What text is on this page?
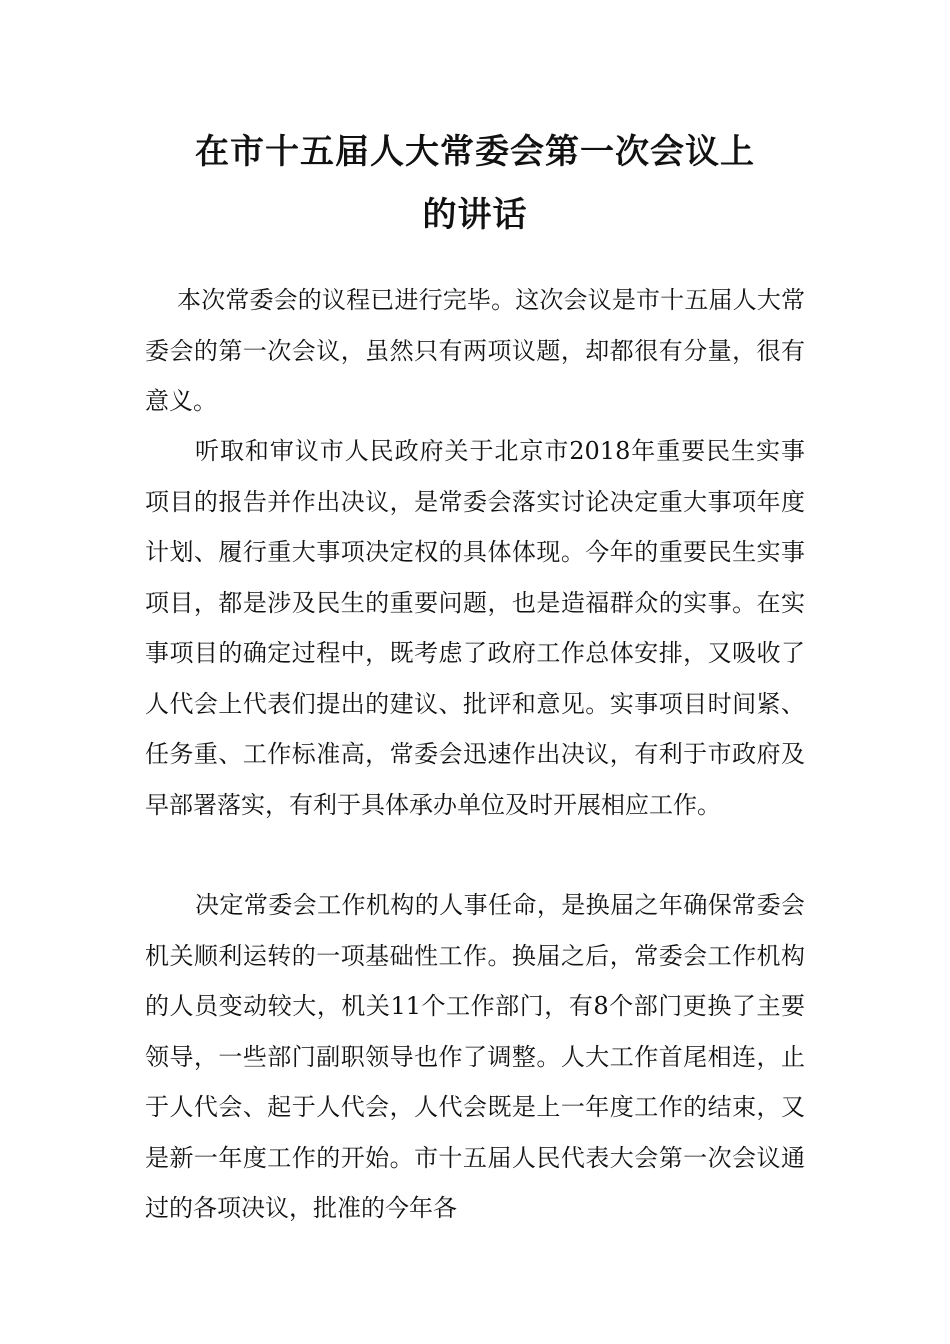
在市十五届人大常委会第一次会议上
的讲话

本次常委会的议程已进行完毕。这次会议是市十五届人大常委会的第一次会议，虽然只有两项议题，却都很有分量，很有意义。

听取和审议市人民政府关于北京市2018年重要民生实事项目的报告并作出决议，是常委会落实讨论决定重大事项年度计划、履行重大事项决定权的具体体现。今年的重要民生实事项目，都是涉及民生的重要问题，也是造福群众的实事。在实事项目的确定过程中，既考虑了政府工作总体安排，又吸收了人代会上代表们提出的建议、批评和意见。实事项目时间紧、任务重、工作标准高，常委会迅速作出决议，有利于市政府及早部署落实，有利于具体承办单位及时开展相应工作。

决定常委会工作机构的人事任命，是换届之年确保常委会机关顺利运转的一项基础性工作。换届之后，常委会工作机构的人员变动较大，机关11个工作部门，有8个部门更换了主要领导，一些部门副职领导也作了调整。人大工作首尾相连，止于人代会、起于人代会，人代会既是上一年度工作的结束，又是新一年度工作的开始。市十五届人民代表大会第一次会议通过的各项决议，批准的今年各
